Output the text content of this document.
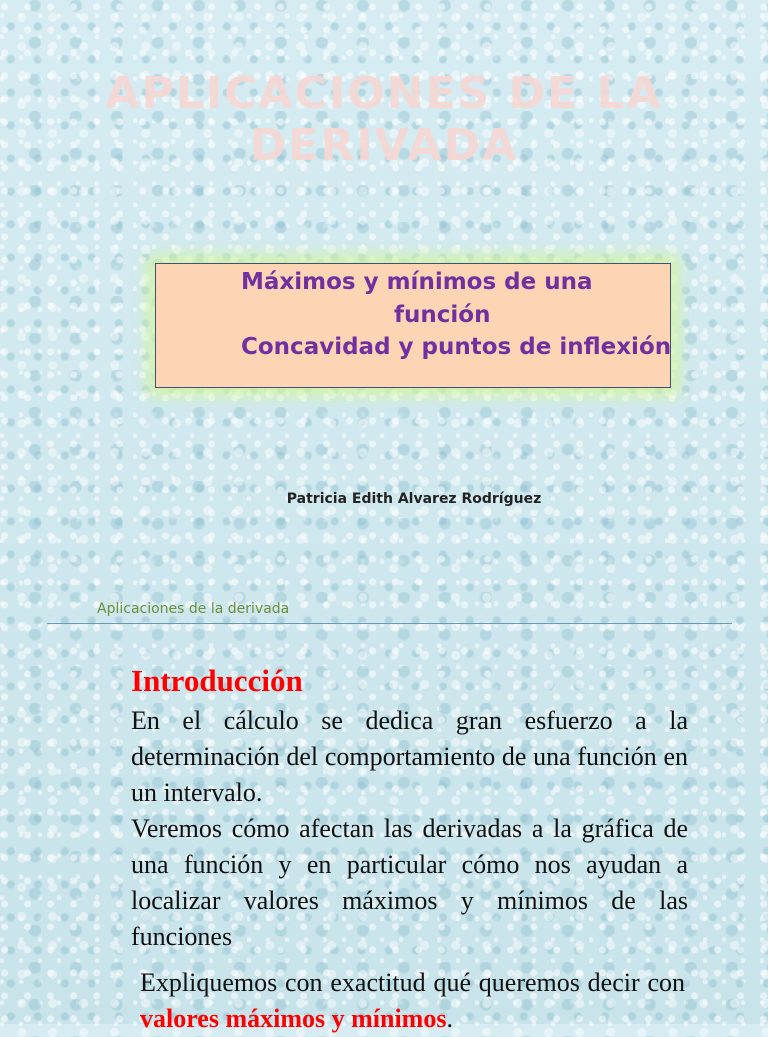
APLICACIONES DE LA DERIVADA

Máximos y mínimos de una

función

Concavidad y puntos de inflexión

Patricia Edith Alvarez Rodríguez

Aplicaciones de la derivada

Introducción
En el cálculo se dedica gran esfuerzo a la determinación del comportamiento de una función en un intervalo.
Veremos cómo afectan las derivadas a la gráfica de una función y en particular cómo nos ayudan a localizar valores máximos y mínimos de las funciones
Expliquemos con exactitud qué queremos decir con valores máximos y mínimos.
